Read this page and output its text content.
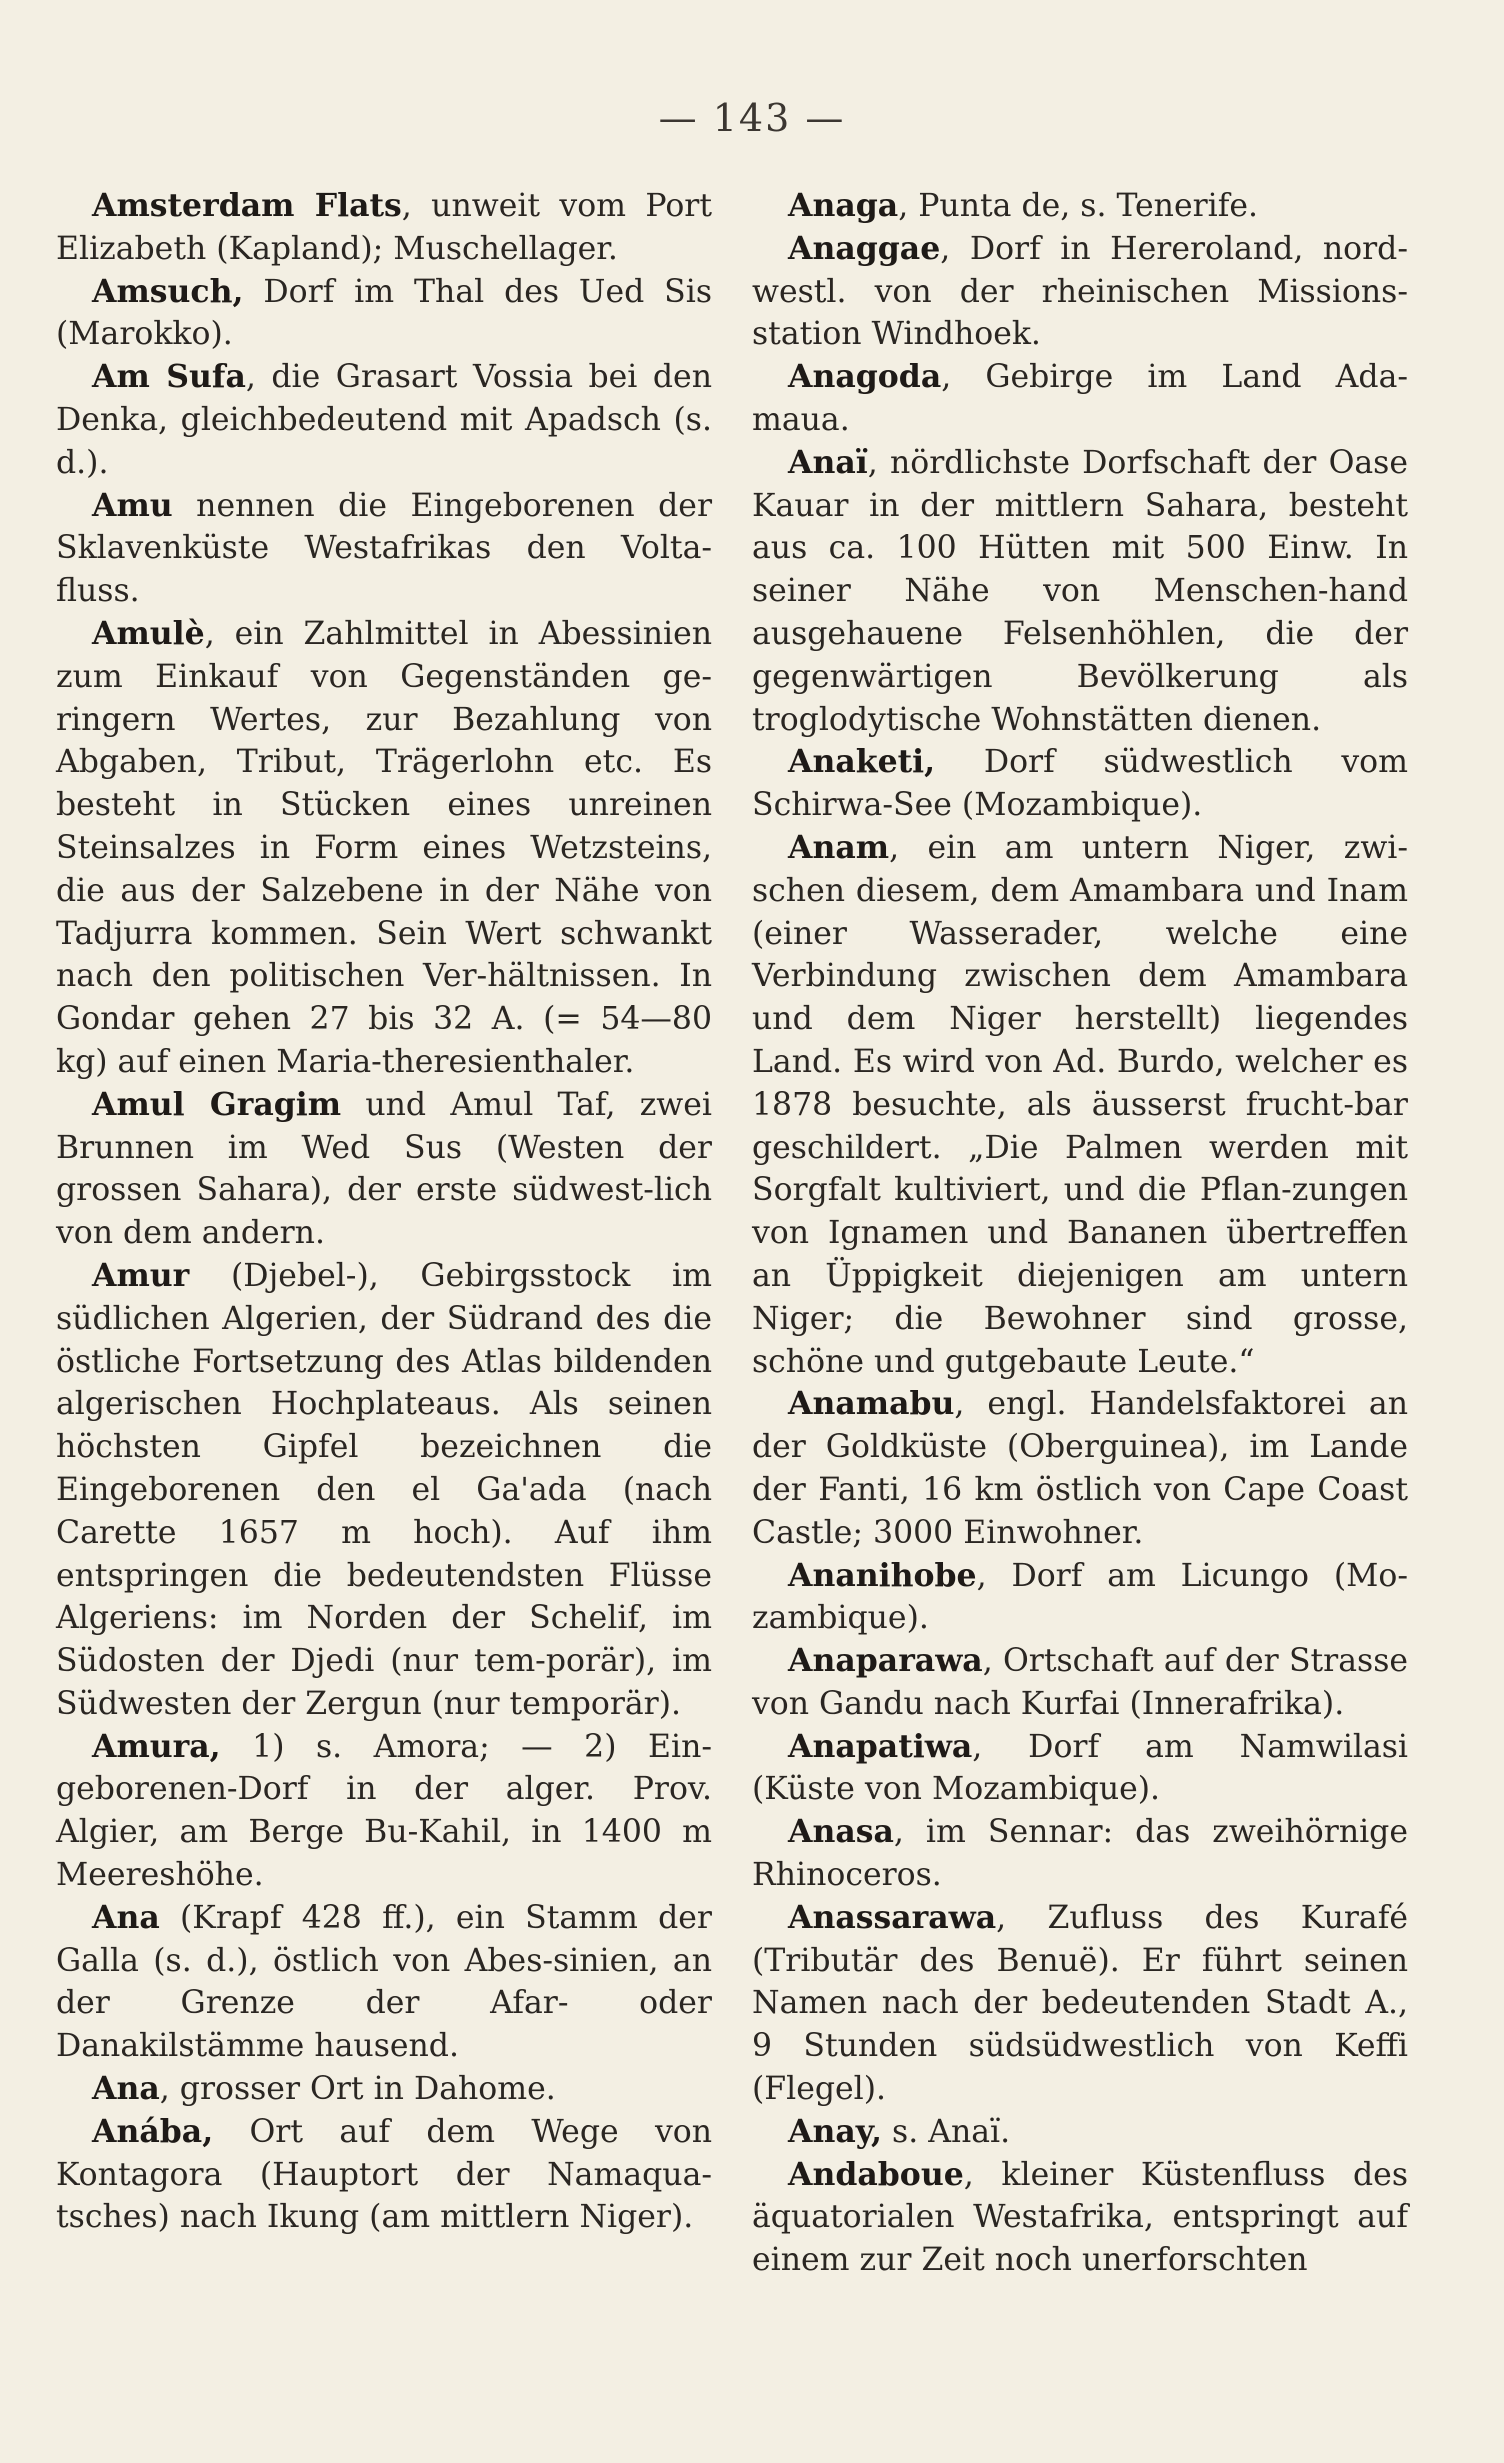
— 143 —

Amsterdam Flats, unweit vom Port Elizabeth (Kapland); Muschellager.

Amsuch, Dorf im Thal des Ued Sis (Marokko).

Am Sufa, die Grasart Vossia bei den Denka, gleichbedeutend mit Apadsch (s. d.).

Amu nennen die Eingeborenen der Sklavenküste Westafrikas den Volta-fluss.

Amulè, ein Zahlmittel in Abessinien zum Einkauf von Gegenständen ge-ringern Wertes, zur Bezahlung von Abgaben, Tribut, Trägerlohn etc. Es besteht in Stücken eines unreinen Steinsalzes in Form eines Wetzsteins, die aus der Salzebene in der Nähe von Tadjurra kommen. Sein Wert schwankt nach den politischen Ver-hältnissen. In Gondar gehen 27 bis 32 A. (= 54—80 kg) auf einen Maria-theresienthaler.

Amul Gragim und Amul Taf, zwei Brunnen im Wed Sus (Westen der grossen Sahara), der erste südwest-lich von dem andern.

Amur (Djebel-), Gebirgsstock im südlichen Algerien, der Südrand des die östliche Fortsetzung des Atlas bildenden algerischen Hochplateaus. Als seinen höchsten Gipfel bezeichnen die Eingeborenen den el Ga'ada (nach Carette 1657 m hoch). Auf ihm entspringen die bedeutendsten Flüsse Algeriens: im Norden der Schelif, im Südosten der Djedi (nur tem-porär), im Südwesten der Zergun (nur temporär).

Amura, 1) s. Amora; — 2) Ein-geborenen-Dorf in der alger. Prov. Algier, am Berge Bu-Kahil, in 1400 m Meereshöhe.

Ana (Krapf 428 ff.), ein Stamm der Galla (s. d.), östlich von Abes-sinien, an der Grenze der Afar- oder Danakilstämme hausend.

Ana, grosser Ort in Dahome.

Anába, Ort auf dem Wege von Kontagora (Hauptort der Namaqua-tsches) nach Ikung (am mittlern Niger).

Anaga, Punta de, s. Tenerife.

Anaggae, Dorf in Hereroland, nord-westl. von der rheinischen Missions-station Windhoek.

Anagoda, Gebirge im Land Ada-maua.

Anaï, nördlichste Dorfschaft der Oase Kauar in der mittlern Sahara, besteht aus ca. 100 Hütten mit 500 Einw. In seiner Nähe von Menschen-hand ausgehauene Felsenhöhlen, die der gegenwärtigen Bevölkerung als troglodytische Wohnstätten dienen.

Anaketi, Dorf südwestlich vom Schirwa-See (Mozambique).

Anam, ein am untern Niger, zwi-schen diesem, dem Amambara und Inam (einer Wasserader, welche eine Verbindung zwischen dem Amambara und dem Niger herstellt) liegendes Land. Es wird von Ad. Burdo, welcher es 1878 besuchte, als äusserst frucht-bar geschildert. „Die Palmen werden mit Sorgfalt kultiviert, und die Pflan-zungen von Ignamen und Bananen übertreffen an Üppigkeit diejenigen am untern Niger; die Bewohner sind grosse, schöne und gutgebaute Leute.“

Anamabu, engl. Handelsfaktorei an der Goldküste (Oberguinea), im Lande der Fanti, 16 km östlich von Cape Coast Castle; 3000 Einwohner.

Ananihobe, Dorf am Licungo (Mo-zambique).

Anaparawa, Ortschaft auf der Strasse von Gandu nach Kurfai (Innerafrika).

Anapatiwa, Dorf am Namwilasi (Küste von Mozambique).

Anasa, im Sennar: das zweihörnige Rhinoceros.

Anassarawa, Zufluss des Kurafé (Tributär des Benuë). Er führt seinen Namen nach der bedeutenden Stadt A., 9 Stunden südsüdwestlich von Keffi (Flegel).

Anay, s. Anaï.

Andaboue, kleiner Küstenfluss des äquatorialen Westafrika, entspringt auf einem zur Zeit noch unerforschten
